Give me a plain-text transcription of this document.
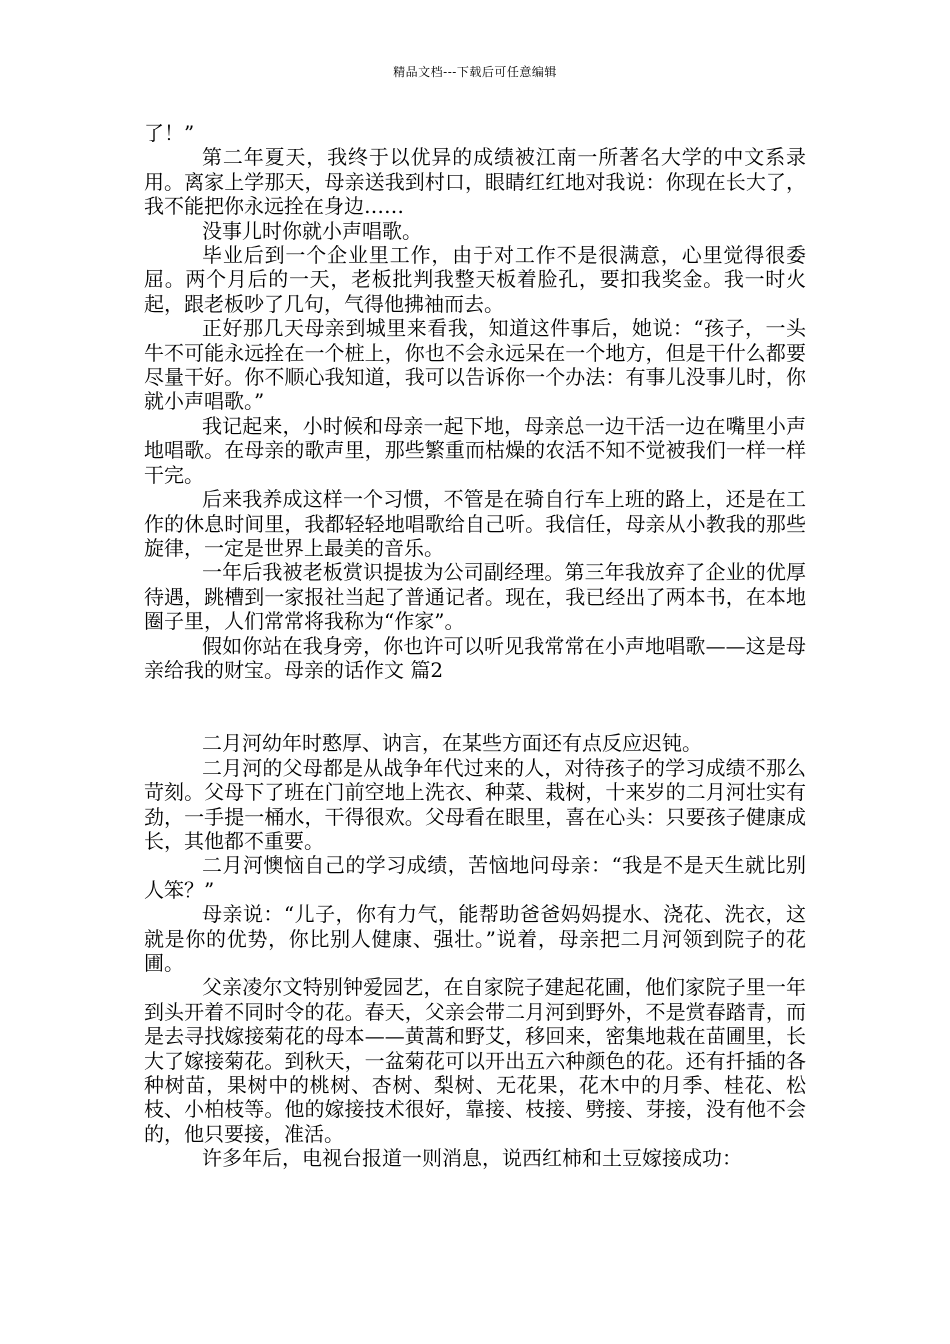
精品文档---下载后可任意编辑

了！”

第二年夏天，我终于以优异的成绩被江南一所著名大学的中文系录用。离家上学那天，母亲送我到村口，眼睛红红地对我说：你现在长大了，我不能把你永远拴在身边……

没事儿时你就小声唱歌。

毕业后到一个企业里工作，由于对工作不是很满意，心里觉得很委屈。两个月后的一天，老板批判我整天板着脸孔，要扣我奖金。我一时火起，跟老板吵了几句，气得他拂袖而去。

正好那几天母亲到城里来看我，知道这件事后，她说：“孩子，一头牛不可能永远拴在一个桩上，你也不会永远呆在一个地方，但是干什么都要尽量干好。你不顺心我知道，我可以告诉你一个办法：有事儿没事儿时，你就小声唱歌。”

我记起来，小时候和母亲一起下地，母亲总一边干活一边在嘴里小声地唱歌。在母亲的歌声里，那些繁重而枯燥的农活不知不觉被我们一样一样干完。

后来我养成这样一个习惯，不管是在骑自行车上班的路上，还是在工作的休息时间里，我都轻轻地唱歌给自己听。我信任，母亲从小教我的那些旋律，一定是世界上最美的音乐。

一年后我被老板赏识提拔为公司副经理。第三年我放弃了企业的优厚待遇，跳槽到一家报社当起了普通记者。现在，我已经出了两本书，在本地圈子里，人们常常将我称为“作家”。

假如你站在我身旁，你也许可以听见我常常在小声地唱歌——这是母亲给我的财宝。母亲的话作文 篇2

二月河幼年时憨厚、讷言，在某些方面还有点反应迟钝。

二月河的父母都是从战争年代过来的人，对待孩子的学习成绩不那么苛刻。父母下了班在门前空地上洗衣、种菜、栽树，十来岁的二月河壮实有劲，一手提一桶水，干得很欢。父母看在眼里，喜在心头：只要孩子健康成长，其他都不重要。

二月河懊恼自己的学习成绩，苦恼地问母亲：“我是不是天生就比别人笨？”

母亲说：“儿子，你有力气，能帮助爸爸妈妈提水、浇花、洗衣，这就是你的优势，你比别人健康、强壮。”说着，母亲把二月河领到院子的花圃。

父亲凌尔文特别钟爱园艺，在自家院子建起花圃，他们家院子里一年到头开着不同时令的花。春天，父亲会带二月河到野外，不是赏春踏青，而是去寻找嫁接菊花的母本——黄蒿和野艾，移回来，密集地栽在苗圃里，长大了嫁接菊花。到秋天，一盆菊花可以开出五六种颜色的花。还有扦插的各种树苗，果树中的桃树、杏树、梨树、无花果，花木中的月季、桂花、松枝、小柏枝等。他的嫁接技术很好，靠接、枝接、劈接、芽接，没有他不会的，他只要接，准活。

许多年后，电视台报道一则消息，说西红柿和土豆嫁接成功：
